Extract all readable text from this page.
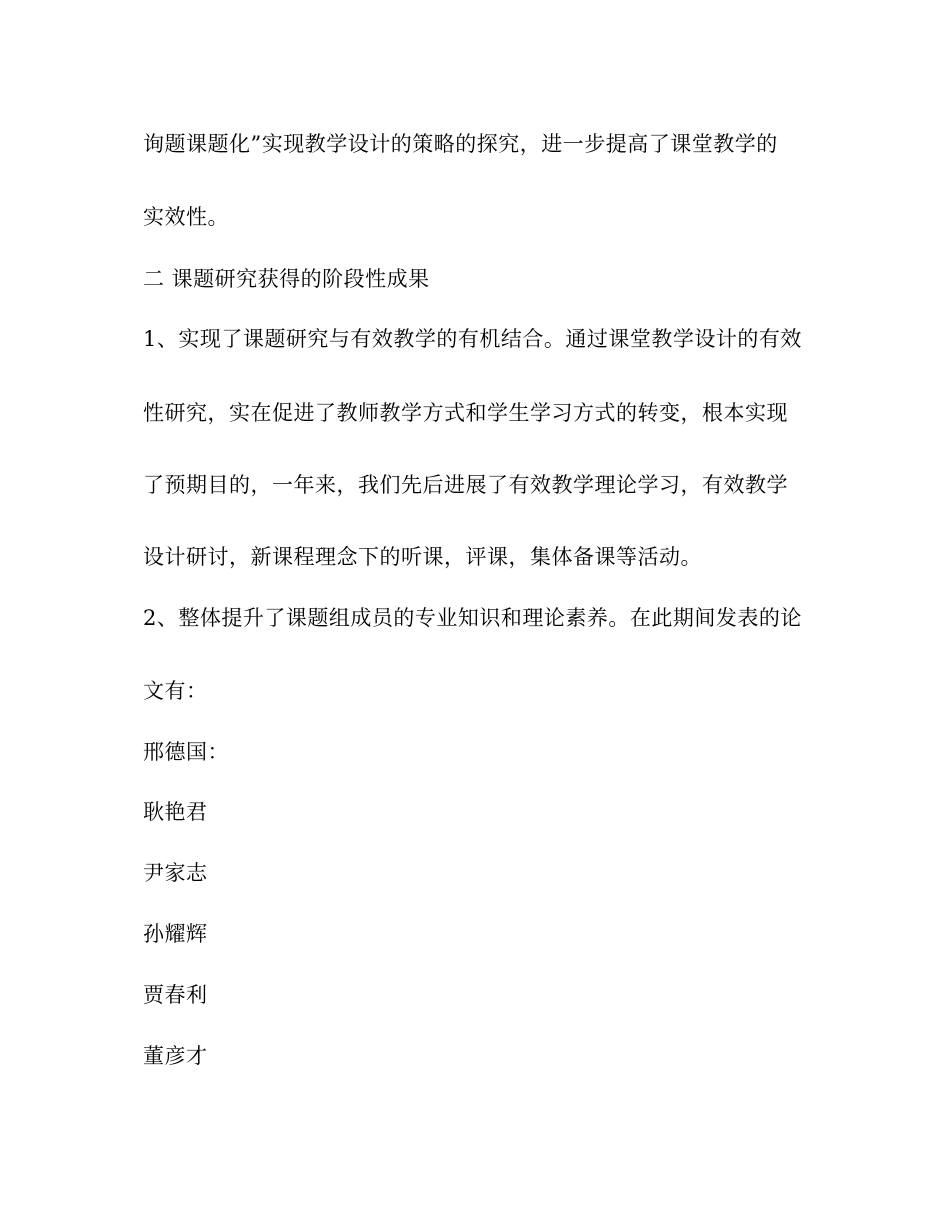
询题课题化”实现教学设计的策略的探究，进一步提高了课堂教学的
实效性。
二 课题研究获得的阶段性成果
1、实现了课题研究与有效教学的有机结合。通过课堂教学设计的有效
性研究，实在促进了教师教学方式和学生学习方式的转变，根本实现
了预期目的，一年来，我们先后进展了有效教学理论学习，有效教学
设计研讨，新课程理念下的听课，评课，集体备课等活动。
2、整体提升了课题组成员的专业知识和理论素养。在此期间发表的论
文有：
邢德国：
耿艳君
尹家志
孙耀辉
贾春利
董彦才
